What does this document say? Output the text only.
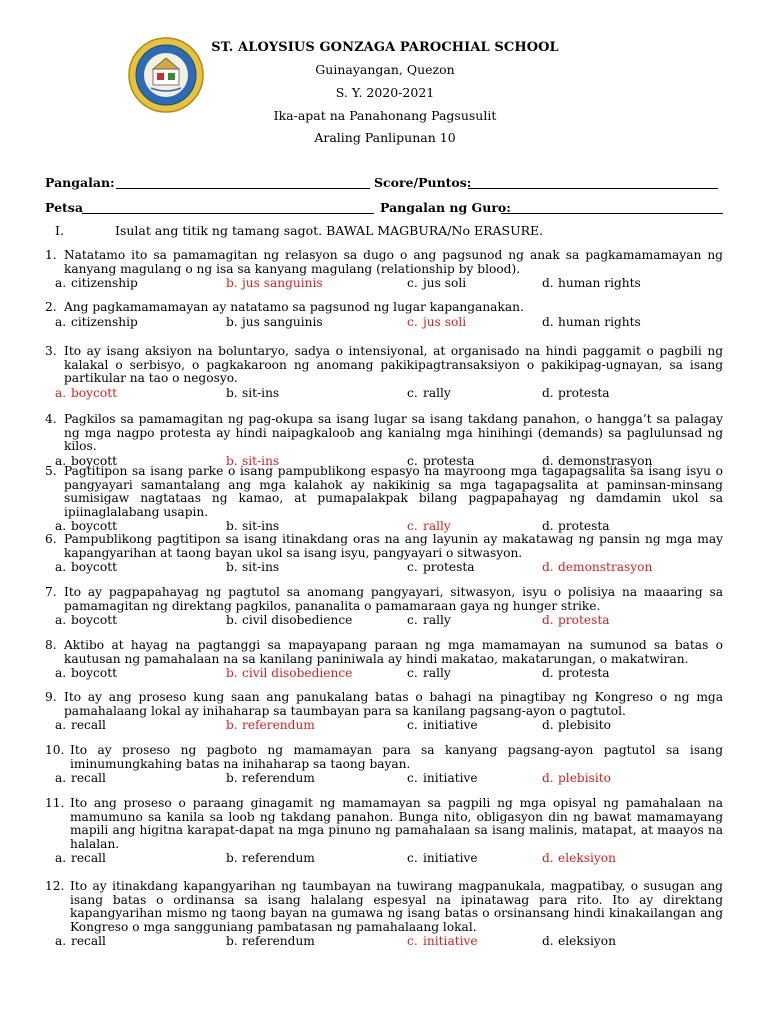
ST. ALOYSIUS GONZAGA PAROCHIAL SCHOOL
Guinayangan, Quezon
S. Y. 2020-2021
Ika-apat na Panahonang Pagsusulit
Araling Panlipunan 10
Pangalan:	Score/Puntos:
Petsa	Pangalan ng Guro:
I.	Isulat ang titik ng tamang sagot. BAWAL MAGBURA/No ERASURE.
1. Natatamo ito sa pamamagitan ng relasyon sa dugo o ang pagsunod ng anak sa pagkamamamayan ng kanyang magulang o ng isa sa kanyang magulang (relationship by blood).
a. citizenship	b. jus sanguinis	c. jus soli	d. human rights
2. Ang pagkamamamayan ay natatamo sa pagsunod ng lugar kapanganakan.
a. citizenship	b. jus sanguinis	c. jus soli	d. human rights
3. Ito ay isang aksiyon na boluntaryo, sadya o intensiyonal, at organisado na hindi paggamit o pagbili ng kalakal o serbisyo, o pagkakaroon ng anomang pakikipagtransaksiyon o pakikipag-ugnayan, sa isang partikular na tao o negosyo.
a. boycott	b. sit-ins	c. rally	d. protesta
4. Pagkilos sa pamamagitan ng pag-okupa sa isang lugar sa isang takdang panahon, o hangga’t sa palagay ng mga nagpo protesta ay hindi naipagkaloob ang kanialng mga hinihingi (demands) sa paglulunsad ng kilos.
a. boycott	b. sit-ins	c. protesta	d. demonstrasyon
5. Pagtitipon sa isang parke o isang pampublikong espasyo na mayroong mga tagapagsalita sa isang isyu o pangyayari samantalang ang mga kalahok ay nakikinig sa mga tagapagsalita at paminsan-minsang sumisigaw nagtataas ng kamao, at pumapalakpak bilang pagpapahayag ng damdamin ukol sa ipiinaglalabang usapin.
a. boycott	b. sit-ins	c. rally	d. protesta
6. Pampublikong pagtitipon sa isang itinakdang oras na ang layunin ay makatawag ng pansin ng mga may kapangyarihan at taong bayan ukol sa isang isyu, pangyayari o sitwasyon.
a. boycott	b. sit-ins	c. protesta	d. demonstrasyon
7. Ito ay pagpapahayag ng pagtutol sa anomang pangyayari, sitwasyon, isyu o polisiya na maaaring sa pamamagitan ng direktang pagkilos, pananalita o pamamaraan gaya ng hunger strike.
a. boycott	b. civil disobedience	c. rally	d. protesta
8. Aktibo at hayag na pagtanggi sa mapayapang paraan ng mga mamamayan na sumunod sa batas o kautusan ng pamahalaan na sa kanilang paniniwala ay hindi makatao, makatarungan, o makatwiran.
a. boycott	b. civil disobedience	c. rally	d. protesta
9. Ito ay ang proseso kung saan ang panukalang batas o bahagi na pinagtibay ng Kongreso o ng mga pamahalaang lokal ay inihaharap sa taumbayan para sa kanilang pagsang-ayon o pagtutol.
a. recall	b. referendum	c. initiative	d. plebisito
10. Ito ay proseso ng pagboto ng mamamayan para sa kanyang pagsang-ayon pagtutol sa isang iminumungkahing batas na inihaharap sa taong bayan.
a. recall	b. referendum	c. initiative	d. plebisito
11. Ito ang proseso o paraang ginagamit ng mamamayan sa pagpili ng mga opisyal ng pamahalaan na mamumuno sa kanila sa loob ng takdang panahon. Bunga nito, obligasyon din ng bawat mamamayang mapili ang higitna karapat-dapat na mga pinuno ng pamahalaan sa isang malinis, matapat, at maayos na halalan.
a. recall	b. referendum	c. initiative	d. eleksiyon
12. Ito ay itinakdang kapangyarihan ng taumbayan na tuwirang magpanukala, magpatibay, o susugan ang isang batas o ordinansa sa isang halalang espesyal na ipinatawag para rito. Ito ay direktang kapangyarihan mismo ng taong bayan na gumawa ng isang batas o orsinansang hindi kinakailangan ang Kongreso o mga sangguniang pambatasan ng pamahalaang lokal.
a. recall	b. referendum	c. initiative	d. eleksiyon
